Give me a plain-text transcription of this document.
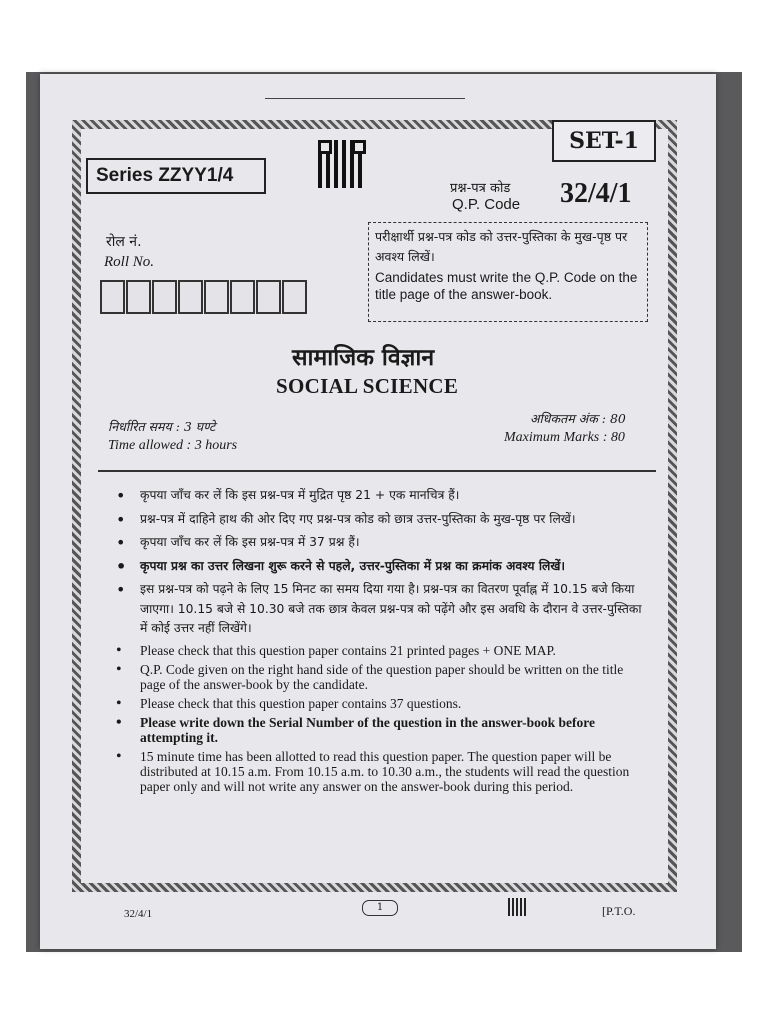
Series ZZYY1/4
SET-1
प्रश्न-पत्र कोड
Q.P. Code 32/4/1
रोल नं.
Roll No.
परीक्षार्थी प्रश्न-पत्र कोड को उत्तर-पुस्तिका के मुख-पृष्ठ पर अवश्य लिखें।
Candidates must write the Q.P. Code on the title page of the answer-book.
सामाजिक विज्ञान
SOCIAL SCIENCE
निर्धारित समय : 3 घण्टे
Time allowed : 3 hours
अधिकतम अंक : 80
Maximum Marks : 80
• कृपया जाँच कर लें कि इस प्रश्न-पत्र में मुद्रित पृष्ठ 21 + एक मानचित्र हैं।
• प्रश्न-पत्र में दाहिने हाथ की ओर दिए गए प्रश्न-पत्र कोड को छात्र उत्तर-पुस्तिका के मुख-पृष्ठ पर लिखें।
• कृपया जाँच कर लें कि इस प्रश्न-पत्र में 37 प्रश्न हैं।
• कृपया प्रश्न का उत्तर लिखना शुरू करने से पहले, उत्तर-पुस्तिका में प्रश्न का क्रमांक अवश्य लिखें।
• इस प्रश्न-पत्र को पढ़ने के लिए 15 मिनट का समय दिया गया है। प्रश्न-पत्र का वितरण पूर्वाह्न में 10.15 बजे किया जाएगा। 10.15 बजे से 10.30 बजे तक छात्र केवल प्रश्न-पत्र को पढ़ेंगे और इस अवधि के दौरान वे उत्तर-पुस्तिका में कोई उत्तर नहीं लिखेंगे।
• Please check that this question paper contains 21 printed pages + ONE MAP.
• Q.P. Code given on the right hand side of the question paper should be written on the title page of the answer-book by the candidate.
• Please check that this question paper contains 37 questions.
• Please write down the Serial Number of the question in the answer-book before attempting it.
• 15 minute time has been allotted to read this question paper. The question paper will be distributed at 10.15 a.m. From 10.15 a.m. to 10.30 a.m., the students will read the question paper only and will not write any answer on the answer-book during this period.
32/4/1
1	[P.T.O.
